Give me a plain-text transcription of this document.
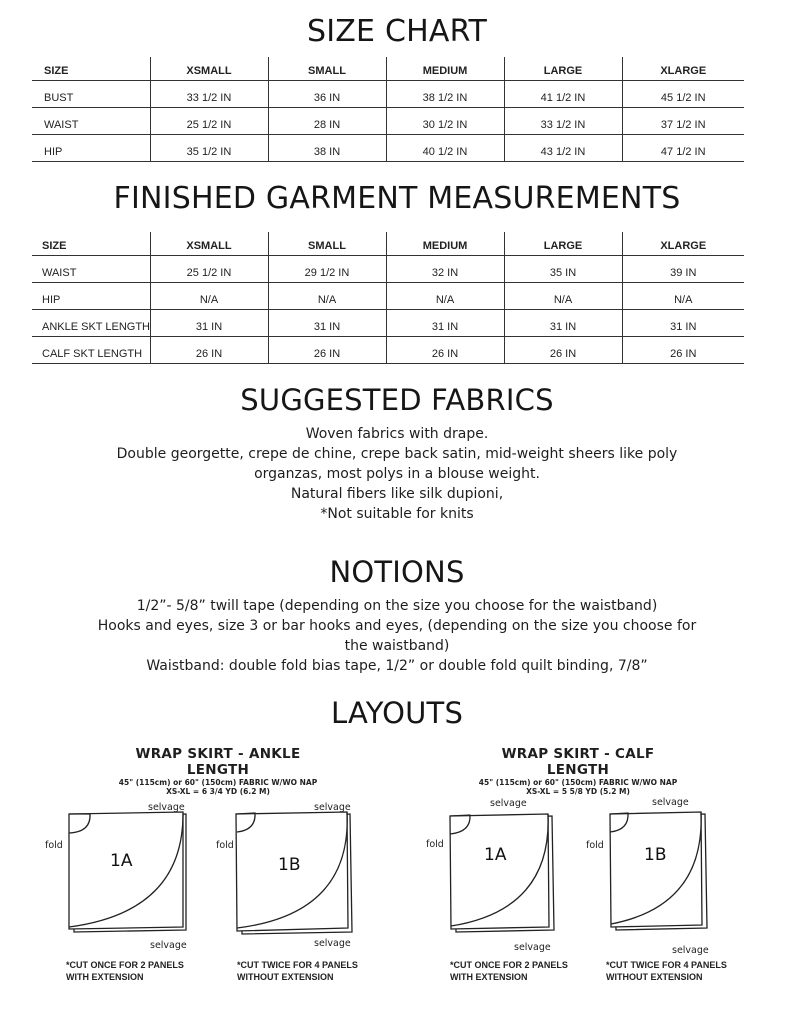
SIZE CHART
SIZE	XSMALL	SMALL	MEDIUM	LARGE	XLARGE
BUST	33 1/2 IN	36 IN	38 1/2 IN	41 1/2 IN	45 1/2 IN
WAIST	25 1/2 IN	28 IN	30 1/2 IN	33 1/2 IN	37 1/2 IN
HIP	35 1/2 IN	38 IN	40 1/2 IN	43 1/2 IN	47 1/2 IN
FINISHED GARMENT MEASUREMENTS
SIZE	XSMALL	SMALL	MEDIUM	LARGE	XLARGE
WAIST	25 1/2 IN	29 1/2 IN	32 IN	35 IN	39 IN
HIP	N/A	N/A	N/A	N/A	N/A
ANKLE SKT LENGTH	31 IN	31 IN	31 IN	31 IN	31 IN
CALF SKT LENGTH	26 IN	26 IN	26 IN	26 IN	26 IN
SUGGESTED FABRICS
Woven fabrics with drape.
Double georgette, crepe de chine, crepe back satin, mid-weight sheers like poly
organzas, most polys in a blouse weight.
Natural fibers like silk dupioni,
*Not suitable for knits
NOTIONS
1/2”- 5/8” twill tape (depending on the size you choose for the waistband)
Hooks and eyes, size 3 or bar hooks and eyes, (depending on the size you choose for
the waistband)
Waistband: double fold bias tape, 1/2” or double fold quilt binding, 7/8”
LAYOUTS
WRAP SKIRT - ANKLE LENGTH
45" (115cm) or 60" (150cm) FABRIC W/WO NAP
XS-XL = 6 3/4 YD (6.2 M)
WRAP SKIRT - CALF LENGTH
45" (115cm) or 60" (150cm) FABRIC W/WO NAP
XS-XL = 5 5/8 YD (5.2 M)
selvage
fold
selvage
1A
selvage
fold
selvage
1B
selvage
fold
selvage
1A
selvage
fold
selvage
1B
*CUT ONCE FOR 2 PANELS
WITH EXTENSION
*CUT TWICE FOR 4 PANELS
WITHOUT EXTENSION
*CUT ONCE FOR 2 PANELS
WITH EXTENSION
*CUT TWICE FOR 4 PANELS
WITHOUT EXTENSION
